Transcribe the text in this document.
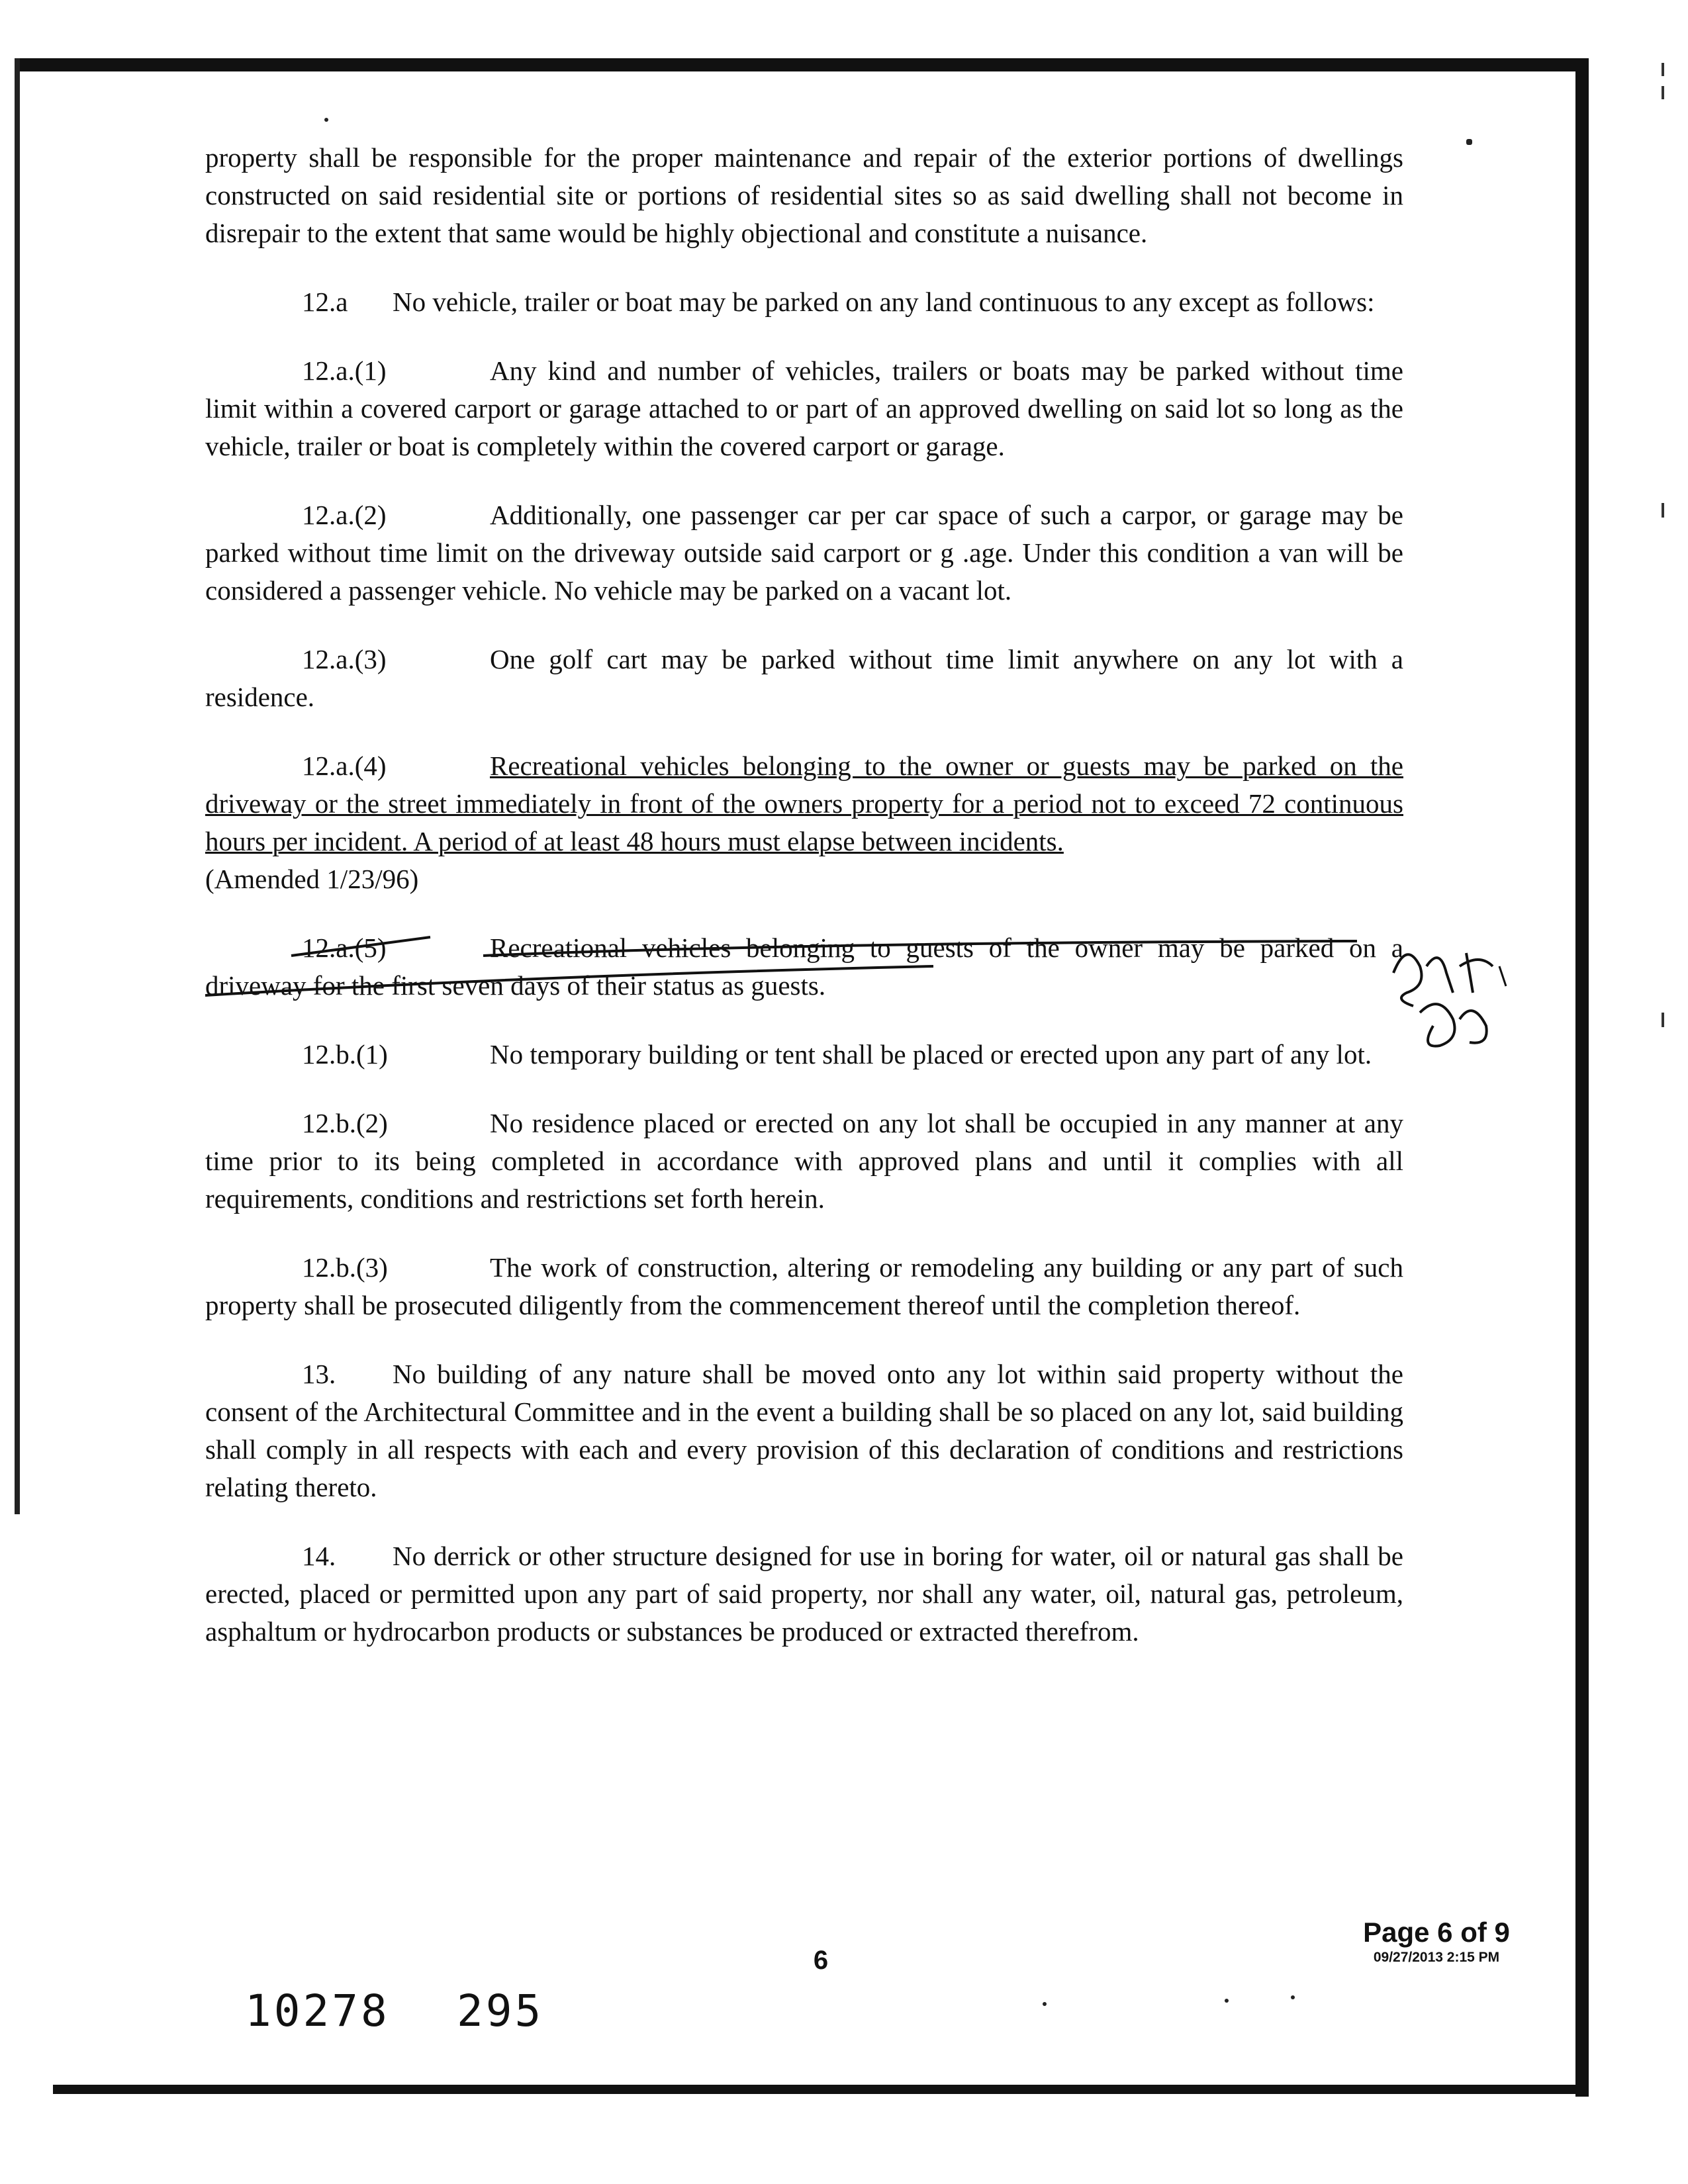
property shall be responsible for the proper maintenance and repair of the exterior portions of dwellings constructed on said residential site or portions of residential sites so as said dwelling shall not become in disrepair to the extent that same would be highly objectional and constitute a nuisance.

12.a No vehicle, trailer or boat may be parked on any land continuous to any except as follows:

12.a.(1)	Any kind and number of vehicles, trailers or boats may be parked without time limit within a covered carport or garage attached to or part of an approved dwelling on said lot so long as the vehicle, trailer or boat is completely within the covered carport or garage.

12.a.(2)	Additionally, one passenger car per car space of such a carpor, or garage may be parked without time limit on the driveway outside said carport or g .age. Under this condition a van will be considered a passenger vehicle. No vehicle may be parked on a vacant lot.

12.a.(3)	One golf cart may be parked without time limit anywhere on any lot with a residence.

12.a.(4)	Recreational vehicles belonging to the owner or guests may be parked on the driveway or the street immediately in front of the owners property for a period not to exceed 72 continuous hours per incident. A period of at least 48 hours must elapse between incidents.
(Amended 1/23/96)

12.a.(5)	Recreational vehicles belonging to guests of the owner may be parked on a driveway for the first seven days of their status as guests.

12.b.(1)	No temporary building or tent shall be placed or erected upon any part of any lot.

12.b.(2)	No residence placed or erected on any lot shall be occupied in any manner at any time prior to its being completed in accordance with approved plans and until it complies with all requirements, conditions and restrictions set forth herein.

12.b.(3)	The work of construction, altering or remodeling any building or any part of such property shall be prosecuted diligently from the commencement thereof until the completion thereof.

13. No building of any nature shall be moved onto any lot within said property without the consent of the Architectural Committee and in the event a building shall be so placed on any lot, said building shall comply in all respects with each and every provision of this declaration of conditions and restrictions relating thereto.

14. No derrick or other structure designed for use in boring for water, oil or natural gas shall be erected, placed or permitted upon any part of said property, nor shall any water, oil, natural gas, petroleum, asphaltum or hydrocarbon products or substances be produced or extracted therefrom.

6
Page 6 of 9
09/27/2013 2:15 PM
10278 295
